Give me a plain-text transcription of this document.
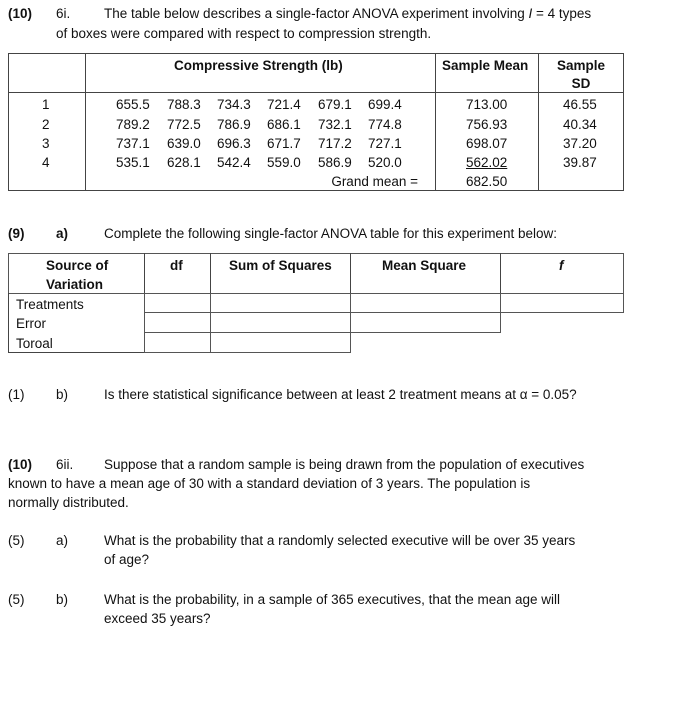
(10) 6i. The table below describes a single-factor ANOVA experiment involving I = 4 types
of boxes were compared with respect to compression strength.
Compressive Strength (lb)	Sample Mean	Sample
SD
1	655.5 788.3 734.3 721.4 679.1 699.4	713.00	46.55
2	789.2 772.5 786.9 686.1 732.1 774.8	756.93	40.34
3	737.1 639.0 696.3 671.7 717.2 727.1	698.07	37.20
4	535.1 628.1 542.4 559.0 586.9 520.0	562.02	39.87
Grand mean =	682.50
(9) a)	Complete the following single-factor ANOVA table for this experiment below:
Source of
Variation
df	Sum of Squares	Mean Square	f
Treatments
Error
Toroal
(1) b)	Is there statistical significance between at least 2 treatment means at α = 0.05?
(10) 6ii. Suppose that a random sample is being drawn from the population of executives
known to have a mean age of 30 with a standard deviation of 3 years. The population is
normally distributed.
(5) a)	What is the probability that a randomly selected executive will be over 35 years
of age?
(5) b)	What is the probability, in a sample of 365 executives, that the mean age will
exceed 35 years?
